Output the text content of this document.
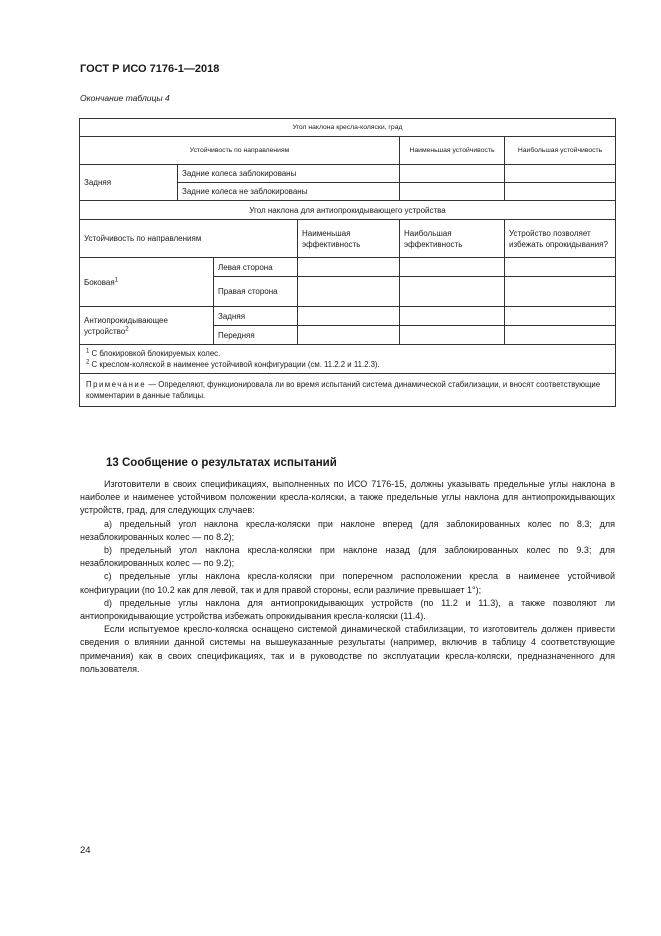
ГОСТ Р ИСО 7176-1—2018
Окончание таблицы 4
Угол наклона кресла-коляски, град					
Устойчивость по направлениям				Наименьшая устойчивость	Наибольшая устойчивость
Задняя	Задние колеса заблокированы				
	Задние колеса не заблокированы				
Угол наклона для антиопрокидывающего устройства					
Устойчивость по направлениям			Наименьшая эффективность	Наибольшая эффективность	Устройство позволяет избежать опрокидывания?
Боковая$^1$		Левая сторона			
		Правая сторона			
Антиопрокидывающее устройство$^2$		Задняя			
		Передняя			

$^1$ С блокировкой блокируемых колес.
$^2$ С креслом-коляской в наименее устойчивой конфигурации (см. 11.2.2 и 11.2.3).					

Примечание — Определяют, функционировала ли во время испытаний система динамической стабилизации, и вносят соответствующие комментарии в данные таблицы.					
13 Сообщение о результатах испытаний

Изготовители в своих спецификациях, выполненных по ИСО 7176-15, должны указывать предельные углы наклона в наиболее и наименее устойчивом положении кресла-коляски, а также предельные углы наклона для антиопрокидывающих устройств, град, для следующих случаев:

a) предельный угол наклона кресла-коляски при наклоне вперед (для заблокированных колес по 8.3; для незаблокированных колес — по 8.2);

b) предельный угол наклона кресла-коляски при наклоне назад (для заблокированных колес по 9.3; для незаблокированных колес — по 9.2);

c) предельные углы наклона кресла-коляски при поперечном расположении кресла в наименее устойчивой конфигурации (по 10.2 как для левой, так и для правой стороны, если различие превышает 1°);

d) предельные углы наклона для антиопрокидывающих устройств (по 11.2 и 11.3), а также позволяют ли антиопрокидывающие устройства избежать опрокидывания кресла-коляски (11.4).

Если испытуемое кресло-коляска оснащено системой динамической стабилизации, то изготовитель должен привести сведения о влиянии данной системы на вышеуказанные результаты (например, включив в таблицу 4 соответствующие примечания) как в своих спецификациях, так и в руководстве по эксплуатации кресла-коляски, предназначенного для пользователя.

24
